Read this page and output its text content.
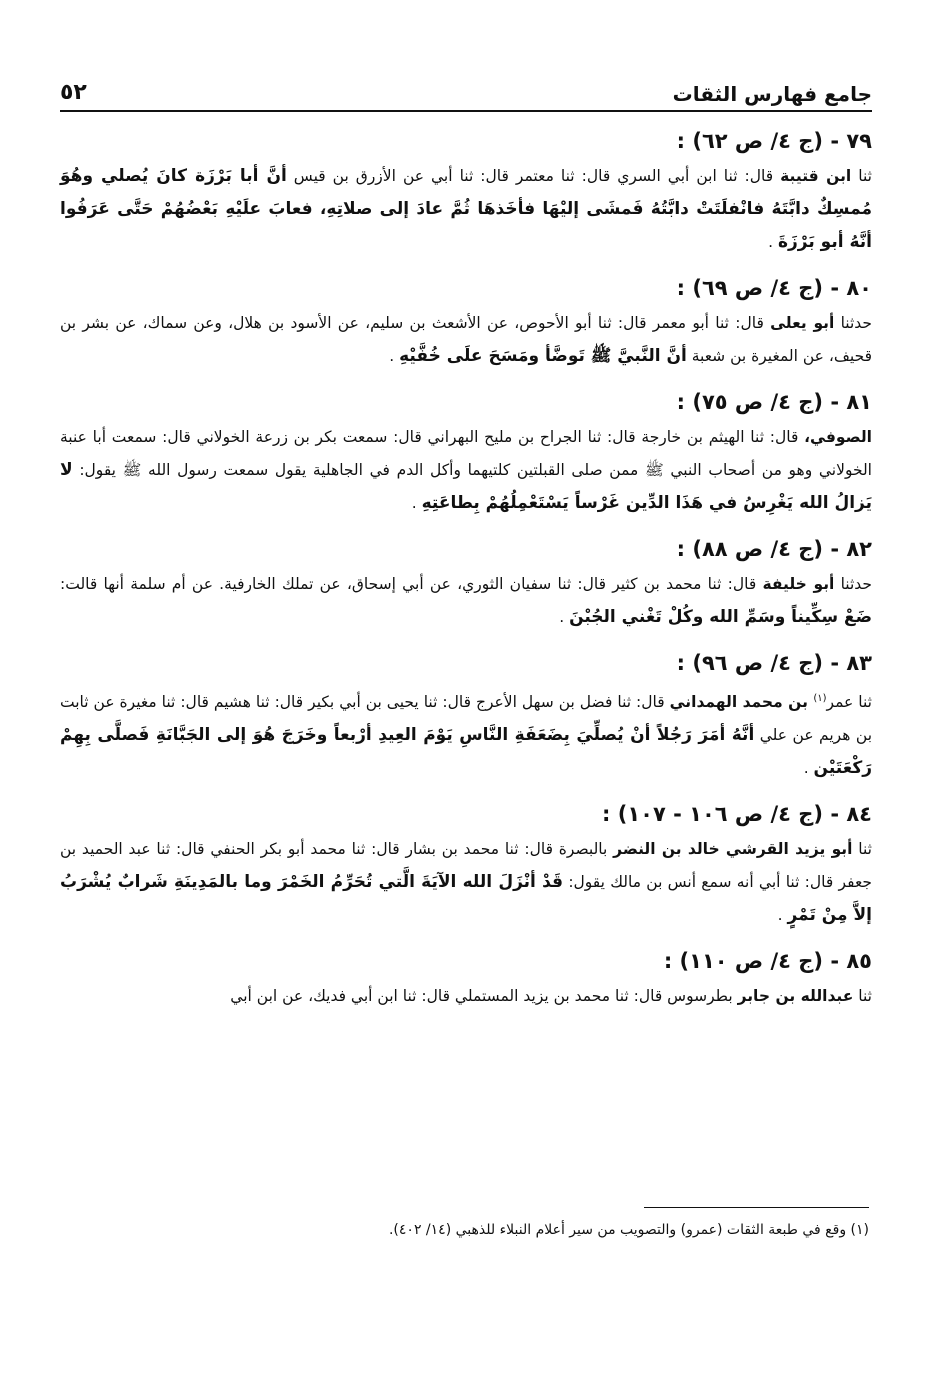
جامع فهارس الثقات
٥٢
٧٩ - (ج ٤/ ص ٦٢) :

ثنا ابن قتيبة قال: ثنا ابن أبي السري قال: ثنا معتمر قال: ثنا أبي عن الأزرق بن قيس أنَّ أبا بَرْزَة كانَ يُصلي وهُوَ مُمسِكٌ دابَّتَهُ فانْفلَتَتْ دابَّتُهُ فَمشَى إليْهَا فأخَذهَا ثُمَّ عادَ إلى صلاتِهِ، فعابَ علَيْهِ بَعْضُهُمْ حَتَّى عَرَفُوا أنَّهُ أبو بَرْزَةَ .

٨٠ - (ج ٤/ ص ٦٩) :

حدثنا أبو يعلى قال: ثنا أبو معمر قال: ثنا أبو الأحوص، عن الأشعث بن سليم، عن الأسود بن هلال، وعن سماك، عن بشر بن قحيف، عن المغيرة بن شعبة أنَّ النَّبيَّ ﷺ تَوضَّأ ومَسَحَ علَى خُفَّيْهِ .

٨١ - (ج ٤/ ص ٧٥) :

الصوفي، قال: ثنا الهيثم بن خارجة قال: ثنا الجراح بن مليح البهراني قال: سمعت بكر بن زرعة الخولاني قال: سمعت أبا عنبة الخولاني وهو من أصحاب النبي ﷺ ممن صلى القبلتين كلتيهما وأكل الدم في الجاهلية يقول سمعت رسول الله ﷺ يقول: لا يَزالُ الله يَغْرِسُ في هَذَا الدِّين غَرْساً يَسْتَعْمِلُهُمْ بِطاعَتِهِ .

٨٢ - (ج ٤/ ص ٨٨) :

حدثنا أبو خليفة قال: ثنا محمد بن كثير قال: ثنا سفيان الثوري، عن أبي إسحاق، عن تملك الخارفية. عن أم سلمة أنها قالت: ضَعْ سِكِّيناً وسَمِّ الله وكُلْ تَغْني الجُبْنَ .

٨٣ - (ج ٤/ ص ٩٦) :

ثنا عمر$^{(١)}$ بن محمد الهمداني قال: ثنا فضل بن سهل الأعرج قال: ثنا يحيى بن أبي بكير قال: ثنا هشيم قال: ثنا مغيرة عن ثابت بن هريم عن علي أنَّهُ أمَرَ رَجُلاً أنْ يُصلِّيَ بِضَعَفَةِ النَّاسِ يَوْمَ العِيدِ أرْبعاً وخَرَجَ هُوَ إلى الجَبَّانَةِ فَصلَّى بِهِمْ رَكْعَتَيْن .

٨٤ - (ج ٤/ ص ١٠٦ - ١٠٧) :

ثنا أبو يزيد القرشي خالد بن النضر بالبصرة قال: ثنا محمد بن بشار قال: ثنا محمد أبو بكر الحنفي قال: ثنا عبد الحميد بن جعفر قال: ثنا أبي أنه سمع أنس بن مالك يقول: قَدْ أنْزَلَ الله الآيَةَ الَّتي تُحَرِّمُ الخَمْرَ وما بالمَدِينَةِ شَرابٌ يُشْرَبُ إلاَّ مِنْ تَمْرٍ .

٨٥ - (ج ٤/ ص ١١٠) :

ثنا عبدالله بن جابر بطرسوس قال: ثنا محمد بن يزيد المستملي قال: ثنا ابن أبي فديك، عن ابن أبي

(١) وقع في طبعة الثقات (عمرو) والتصويب من سير أعلام النبلاء للذهبي (١٤/ ٤٠٢).
